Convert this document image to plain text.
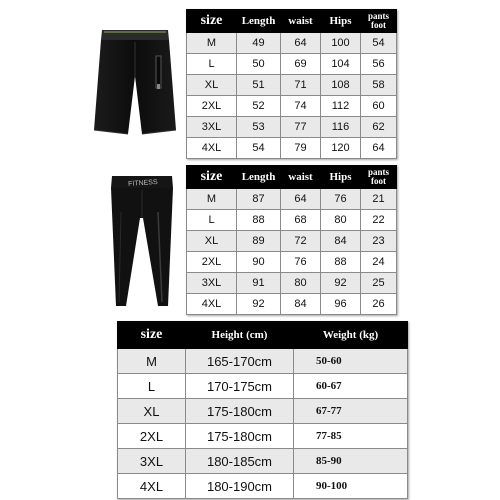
FITNESS
size	Length	waist	Hips	pants foot
M	49	64	100	54
L	50	69	104	56
XL	51	71	108	58
2XL	52	74	112	60
3XL	53	77	116	62
4XL	54	79	120	64
size	Length	waist	Hips	pants foot
M	87	64	76	21
L	88	68	80	22
XL	89	72	84	23
2XL	90	76	88	24
3XL	91	80	92	25
4XL	92	84	96	26
size	Height (cm)	Weight (kg)
M	165-170cm	50-60
L	170-175cm	60-67
XL	175-180cm	67-77
2XL	175-180cm	77-85
3XL	180-185cm	85-90
4XL	180-190cm	90-100
